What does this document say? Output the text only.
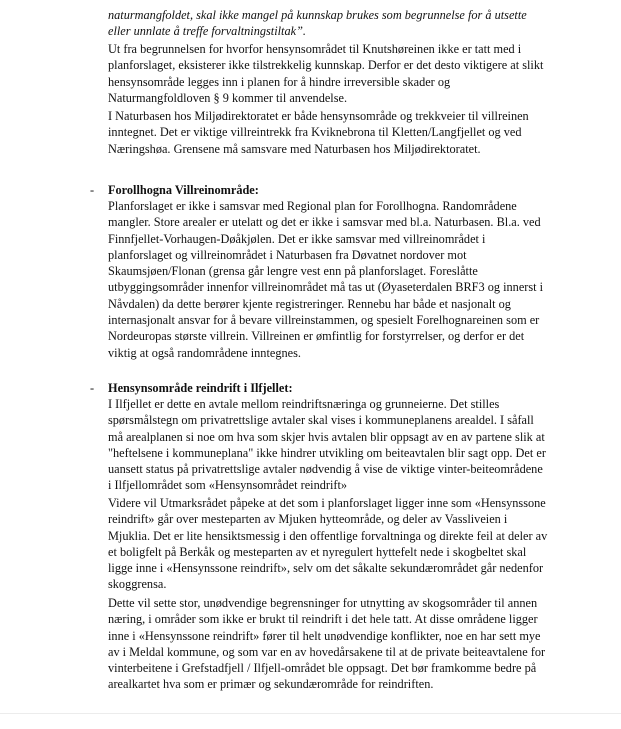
naturmangfoldet, skal ikke mangel på kunnskap brukes som begrunnelse for å utsette eller unnlate å treffe forvaltningstiltak”.

Ut fra begrunnelsen for hvorfor hensynsområdet til Knutshøreinen ikke er tatt med i planforslaget, eksisterer ikke tilstrekkelig kunnskap. Derfor er det desto viktigere at slikt hensynsområde legges inn i planen for å hindre irreversible skader og Naturmangfoldloven § 9 kommer til anvendelse.

I Naturbasen hos Miljødirektoratet er både hensynsområde og trekkveier til villreinen inntegnet. Det er viktige villreintrekk fra Kviknebrona til Kletten/Langfjellet og ved Næringshøa. Grensene må samsvare med Naturbasen hos Miljødirektoratet.

- Forollhogna Villreinområde:

Planforslaget er ikke i samsvar med Regional plan for Forollhogna. Randområdene mangler. Store arealer er utelatt og det er ikke i samsvar med bl.a. Naturbasen. Bl.a. ved Finnfjellet-Vorhaugen-Døåkjølen. Det er ikke samsvar med villreinområdet i planforslaget og villreinområdet i Naturbasen fra Døvatnet nordover mot Skaumsjøen/Flonan (grensa går lengre vest enn på planforslaget. Foreslåtte utbyggingsområder innenfor villreinområdet må tas ut (Øyaseterdalen BRF3 og innerst i Nåvdalen) da dette berører kjente registreringer. Rennebu har både et nasjonalt og internasjonalt ansvar for å bevare villreinstammen, og spesielt Forelhognareinen som er Nordeuropas største villrein. Villreinen er ømfintlig for forstyrrelser, og derfor er det viktig at også randområdene inntegnes.

- Hensynsområde reindrift i Ilfjellet:

I Ilfjellet er dette en avtale mellom reindriftsnæringa og grunneierne. Det stilles spørsmålstegn om privatrettslige avtaler skal vises i kommuneplanens arealdel. I såfall må arealplanen si noe om hva som skjer hvis avtalen blir oppsagt av en av partene slik at "heftelsene i kommuneplana" ikke hindrer utvikling om beiteavtalen blir sagt opp. Det er uansett status på privatrettslige avtaler nødvendig å vise de viktige vinter-beiteområdene i Ilfjellområdet som «Hensynsområdet reindrift»

Videre vil Utmarksrådet påpeke at det som i planforslaget ligger inne som «Hensynssone reindrift» går over mesteparten av Mjuken hytteområde, og deler av Vassliveien i Mjuklia. Det er lite hensiktsmessig i den offentlige forvaltninga og direkte feil at deler av et boligfelt på Berkåk og mesteparten av et nyregulert hyttefelt nede i skogbeltet skal ligge inne i «Hensynssone reindrift», selv om det såkalte sekundærområdet går nedenfor skoggrensa.

Dette vil sette stor, unødvendige begrensninger for utnytting av skogsområder til annen næring, i områder som ikke er brukt til reindrift i det hele tatt. At disse områdene ligger inne i «Hensynssone reindrift» fører til helt unødvendige konflikter, noe en har sett mye av i Meldal kommune, og som var en av hovedårsakene til at de private beiteavtalene for vinterbeitene i Grefstadfjell / Ilfjell-området ble oppsagt. Det bør framkomme bedre på arealkartet hva som er primær og sekundærområde for reindriften.
